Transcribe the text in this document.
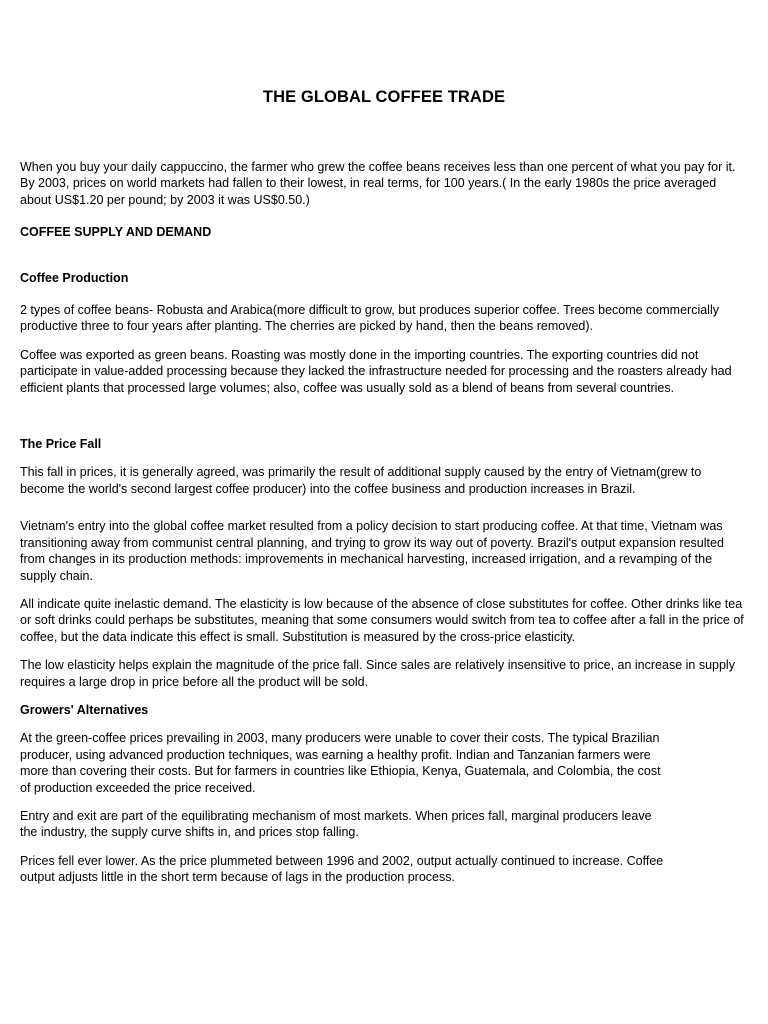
THE GLOBAL COFFEE TRADE

When you buy your daily cappuccino, the farmer who grew the coffee beans receives less than one percent of what you pay for it. By 2003, prices on world markets had fallen to their lowest, in real terms, for 100 years.( In the early 1980s the price averaged about US$1.20 per pound; by 2003 it was US$0.50.)

COFFEE SUPPLY AND DEMAND

Coffee Production

2 types of coffee beans- Robusta and Arabica(more difficult to grow, but produces superior coffee. Trees become commercially productive three to four years after planting. The cherries are picked by hand, then the beans removed).

Coffee was exported as green beans. Roasting was mostly done in the importing countries. The exporting countries did not participate in value-added processing because they lacked the infrastructure needed for processing and the roasters already had efficient plants that processed large volumes; also, coffee was usually sold as a blend of beans from several countries.

The Price Fall

This fall in prices, it is generally agreed, was primarily the result of additional supply caused by the entry of Vietnam(grew to become the world's second largest coffee producer) into the coffee business and production increases in Brazil.

Vietnam's entry into the global coffee market resulted from a policy decision to start producing coffee. At that time, Vietnam was transitioning away from communist central planning, and trying to grow its way out of poverty. Brazil's output expansion resulted from changes in its production methods: improvements in mechanical harvesting, increased irrigation, and a revamping of the supply chain.

All indicate quite inelastic demand. The elasticity is low because of the absence of close substitutes for coffee. Other drinks like tea or soft drinks could perhaps be substitutes, meaning that some consumers would switch from tea to coffee after a fall in the price of coffee, but the data indicate this effect is small. Substitution is measured by the cross-price elasticity.

The low elasticity helps explain the magnitude of the price fall. Since sales are relatively insensitive to price, an increase in supply requires a large drop in price before all the product will be sold.

Growers' Alternatives

At the green-coffee prices prevailing in 2003, many producers were unable to cover their costs. The typical Brazilian producer, using advanced production techniques, was earning a healthy profit. Indian and Tanzanian farmers were more than covering their costs. But for farmers in countries like Ethiopia, Kenya, Guatemala, and Colombia, the cost of production exceeded the price received.

Entry and exit are part of the equilibrating mechanism of most markets. When prices fall, marginal producers leave the industry, the supply curve shifts in, and prices stop falling.

Prices fell ever lower. As the price plummeted between 1996 and 2002, output actually continued to increase. Coffee output adjusts little in the short term because of lags in the production process.
